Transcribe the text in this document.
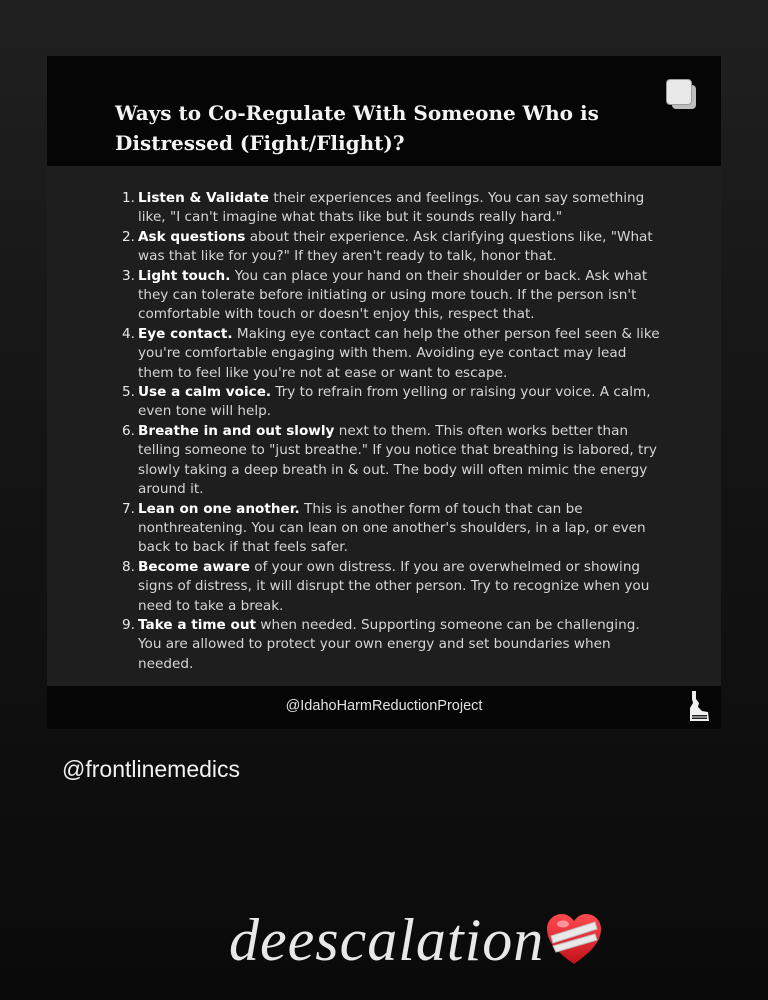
Ways to Co-Regulate With Someone Who is Distressed (Fight/Flight)?
1. Listen & Validate their experiences and feelings. You can say something like, "I can't imagine what thats like but it sounds really hard."
2. Ask questions about their experience. Ask clarifying questions like, "What was that like for you?" If they aren't ready to talk, honor that.
3. Light touch. You can place your hand on their shoulder or back. Ask what they can tolerate before initiating or using more touch. If the person isn't comfortable with touch or doesn't enjoy this, respect that.
4. Eye contact. Making eye contact can help the other person feel seen & like you're comfortable engaging with them. Avoiding eye contact may lead them to feel like you're not at ease or want to escape.
5. Use a calm voice. Try to refrain from yelling or raising your voice. A calm, even tone will help.
6. Breathe in and out slowly next to them. This often works better than telling someone to "just breathe." If you notice that breathing is labored, try slowly taking a deep breath in & out. The body will often mimic the energy around it.
7. Lean on one another. This is another form of touch that can be nonthreatening. You can lean on one another's shoulders, in a lap, or even back to back if that feels safer.
8. Become aware of your own distress. If you are overwhelmed or showing signs of distress, it will disrupt the other person. Try to recognize when you need to take a break.
9. Take a time out when needed. Supporting someone can be challenging. You are allowed to protect your own energy and set boundaries when needed.
@IdahoHarmReductionProject
@frontlinemedics
deescalation
